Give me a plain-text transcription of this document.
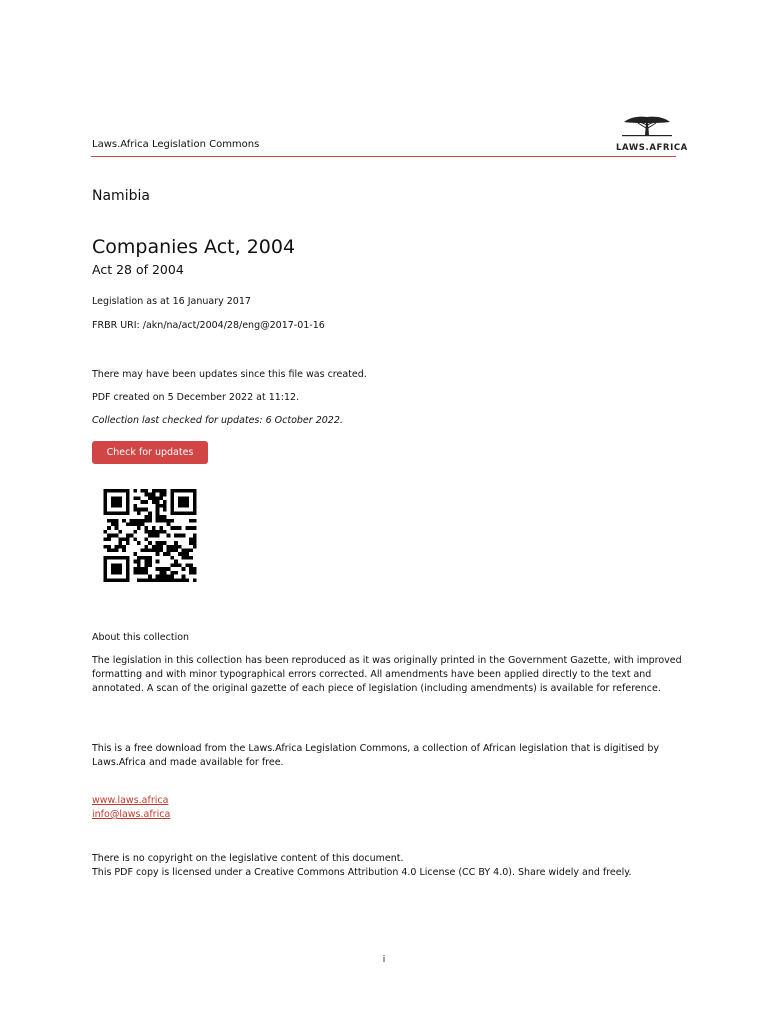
Laws.Africa Legislation Commons	LAWS.AFRICA
Namibia
Companies Act, 2004
Act 28 of 2004
Legislation as at 16 January 2017
FRBR URI: /akn/na/act/2004/28/eng@2017-01-16
There may have been updates since this file was created.
PDF created on 5 December 2022 at 11:12.
Collection last checked for updates: 6 October 2022.
Check for updates
About this collection
The legislation in this collection has been reproduced as it was originally printed in the Government Gazette, with improved formatting and with minor typographical errors corrected. All amendments have been applied directly to the text and annotated. A scan of the original gazette of each piece of legislation (including amendments) is available for reference.
This is a free download from the Laws.Africa Legislation Commons, a collection of African legislation that is digitised by Laws.Africa and made available for free.
www.laws.africa
info@laws.africa
There is no copyright on the legislative content of this document.
This PDF copy is licensed under a Creative Commons Attribution 4.0 License (CC BY 4.0). Share widely and freely.
i
